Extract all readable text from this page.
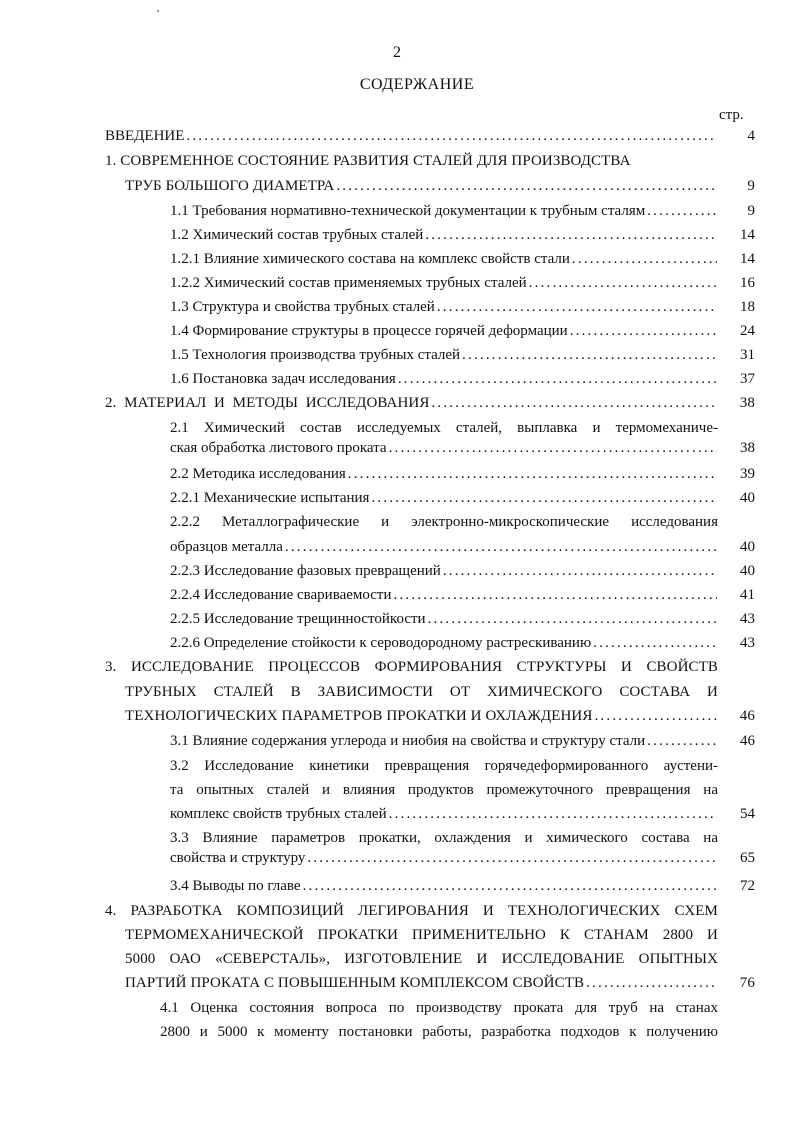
2
СОДЕРЖАНИЕ
стр.
ВВЕДЕНИЕ .....	4
1. СОВРЕМЕННОЕ СОСТОЯНИЕ РАЗВИТИЯ СТАЛЕЙ ДЛЯ ПРОИЗВОДСТВА
ТРУБ БОЛЬШОГО ДИАМЕТРА .....	9
1.1 Требования нормативно-технической документации к трубным сталям .....	9
1.2 Химический состав трубных сталей .....	14
1.2.1 Влияние химического состава на комплекс свойств стали .....	14
1.2.2 Химический состав применяемых трубных сталей .....	16
1.3 Структура и свойства трубных сталей .....	18
1.4 Формирование структуры в процессе горячей деформации .....	24
1.5 Технология производства трубных сталей .....	31
1.6 Постановка задач исследования .....	37
2.  МАТЕРИАЛ  И  МЕТОДЫ  ИССЛЕДОВАНИЯ .....	38
2.1 Химический состав исследуемых сталей, выплавка и термомеханиче-
ская обработка листового проката .....	38
2.2 Методика исследования .....	39
2.2.1 Механические испытания .....	40
2.2.2 Металлографические и электронно-микроскопические исследования
образцов металла .....	40
2.2.3 Исследование фазовых превращений .....	40
2.2.4 Исследование свариваемости .....	41
2.2.5 Исследование трещинностойкости .....	43
2.2.6 Определение стойкости к сероводородному растрескиванию .....	43
3. ИССЛЕДОВАНИЕ ПРОЦЕССОВ ФОРМИРОВАНИЯ СТРУКТУРЫ И СВОЙСТВ
ТРУБНЫХ СТАЛЕЙ В ЗАВИСИМОСТИ ОТ ХИМИЧЕСКОГО СОСТАВА И
ТЕХНОЛОГИЧЕСКИХ ПАРАМЕТРОВ ПРОКАТКИ И ОХЛАЖДЕНИЯ .....	46
3.1 Влияние содержания углерода и ниобия на свойства и структуру стали .....	46
3.2 Исследование кинетики превращения горячедеформированного аустени-
та опытных сталей и влияния продуктов промежуточного превращения на
комплекс свойств трубных сталей .....	54
3.3 Влияние параметров прокатки, охлаждения и химического состава на
свойства и структуру .....	65
3.4 Выводы по главе .....	72
4. РАЗРАБОТКА КОМПОЗИЦИЙ ЛЕГИРОВАНИЯ И ТЕХНОЛОГИЧЕСКИХ СХЕМ
ТЕРМОМЕХАНИЧЕСКОЙ ПРОКАТКИ ПРИМЕНИТЕЛЬНО К СТАНАМ 2800 И
5000 ОАО «СЕВЕРСТАЛЬ», ИЗГОТОВЛЕНИЕ И ИССЛЕДОВАНИЕ ОПЫТНЫХ
ПАРТИЙ ПРОКАТА С ПОВЫШЕННЫМ КОМПЛЕКСОМ СВОЙСТВ .....	76
4.1 Оценка состояния вопроса по производству проката для труб на станах
2800 и 5000 к моменту постановки работы, разработка подходов к получению
